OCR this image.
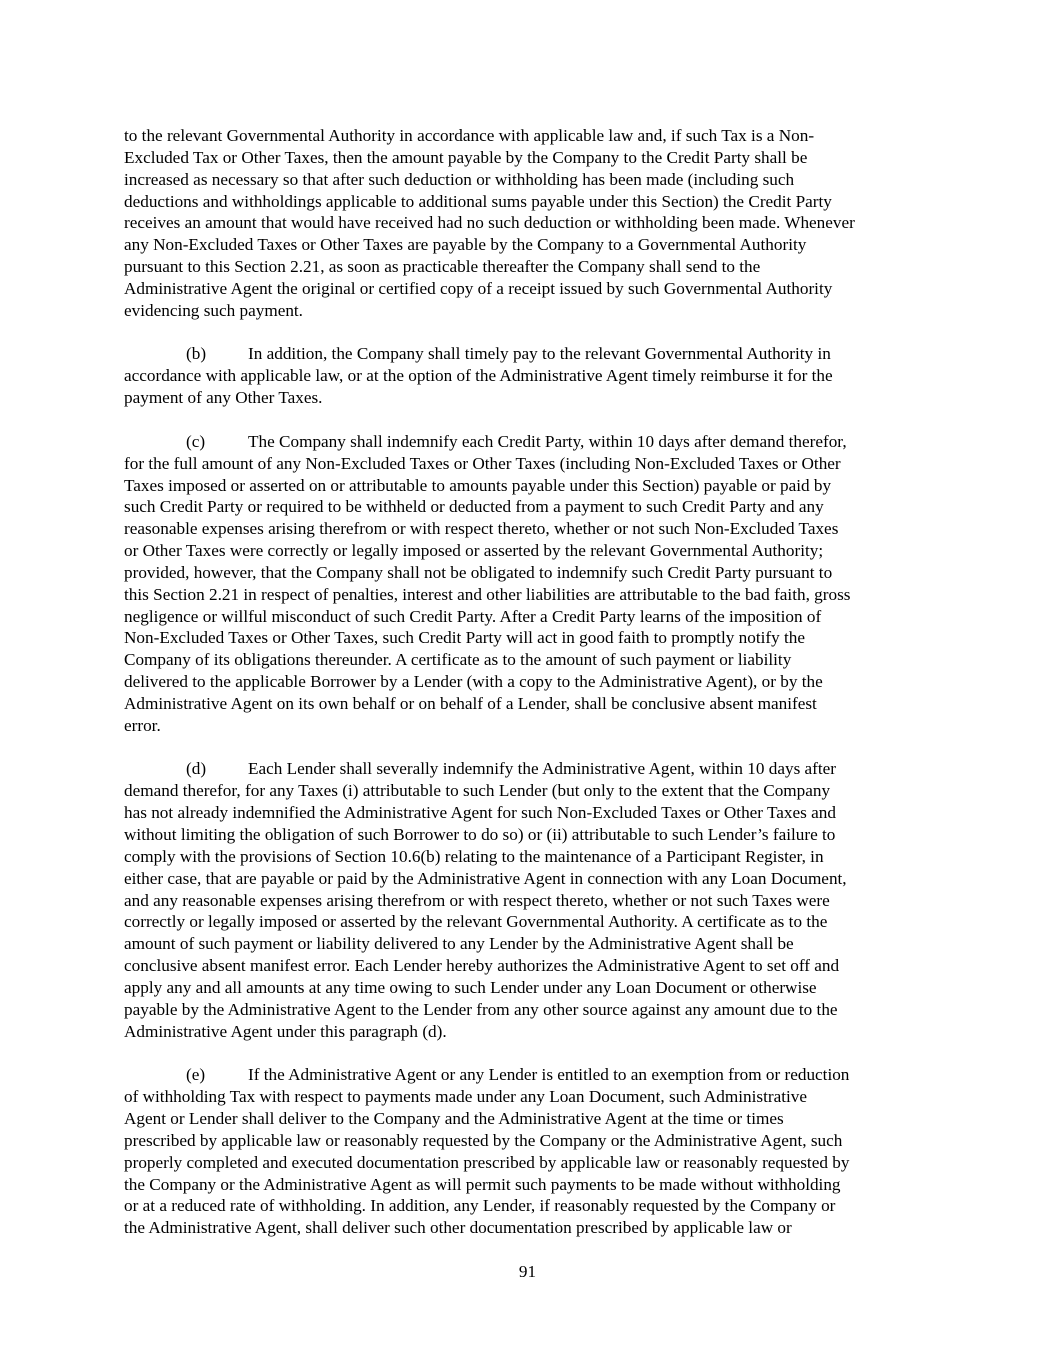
to the relevant Governmental Authority in accordance with applicable law and, if such Tax is a Non-
Excluded Tax or Other Taxes, then the amount payable by the Company to the Credit Party shall be
increased as necessary so that after such deduction or withholding has been made (including such
deductions and withholdings applicable to additional sums payable under this Section) the Credit Party
receives an amount that would have received had no such deduction or withholding been made. Whenever
any Non-Excluded Taxes or Other Taxes are payable by the Company to a Governmental Authority
pursuant to this Section 2.21, as soon as practicable thereafter the Company shall send to the
Administrative Agent the original or certified copy of a receipt issued by such Governmental Authority
evidencing such payment.
(b) In addition, the Company shall timely pay to the relevant Governmental Authority in
accordance with applicable law, or at the option of the Administrative Agent timely reimburse it for the
payment of any Other Taxes.
(c) The Company shall indemnify each Credit Party, within 10 days after demand therefor,
for the full amount of any Non-Excluded Taxes or Other Taxes (including Non-Excluded Taxes or Other
Taxes imposed or asserted on or attributable to amounts payable under this Section) payable or paid by
such Credit Party or required to be withheld or deducted from a payment to such Credit Party and any
reasonable expenses arising therefrom or with respect thereto, whether or not such Non-Excluded Taxes
or Other Taxes were correctly or legally imposed or asserted by the relevant Governmental Authority;
provided, however, that the Company shall not be obligated to indemnify such Credit Party pursuant to
this Section 2.21 in respect of penalties, interest and other liabilities are attributable to the bad faith, gross
negligence or willful misconduct of such Credit Party. After a Credit Party learns of the imposition of
Non-Excluded Taxes or Other Taxes, such Credit Party will act in good faith to promptly notify the
Company of its obligations thereunder. A certificate as to the amount of such payment or liability
delivered to the applicable Borrower by a Lender (with a copy to the Administrative Agent), or by the
Administrative Agent on its own behalf or on behalf of a Lender, shall be conclusive absent manifest
error.
(d) Each Lender shall severally indemnify the Administrative Agent, within 10 days after
demand therefor, for any Taxes (i) attributable to such Lender (but only to the extent that the Company
has not already indemnified the Administrative Agent for such Non-Excluded Taxes or Other Taxes and
without limiting the obligation of such Borrower to do so) or (ii) attributable to such Lender’s failure to
comply with the provisions of Section 10.6(b) relating to the maintenance of a Participant Register, in
either case, that are payable or paid by the Administrative Agent in connection with any Loan Document,
and any reasonable expenses arising therefrom or with respect thereto, whether or not such Taxes were
correctly or legally imposed or asserted by the relevant Governmental Authority. A certificate as to the
amount of such payment or liability delivered to any Lender by the Administrative Agent shall be
conclusive absent manifest error. Each Lender hereby authorizes the Administrative Agent to set off and
apply any and all amounts at any time owing to such Lender under any Loan Document or otherwise
payable by the Administrative Agent to the Lender from any other source against any amount due to the
Administrative Agent under this paragraph (d).
(e) If the Administrative Agent or any Lender is entitled to an exemption from or reduction
of withholding Tax with respect to payments made under any Loan Document, such Administrative
Agent or Lender shall deliver to the Company and the Administrative Agent at the time or times
prescribed by applicable law or reasonably requested by the Company or the Administrative Agent, such
properly completed and executed documentation prescribed by applicable law or reasonably requested by
the Company or the Administrative Agent as will permit such payments to be made without withholding
or at a reduced rate of withholding. In addition, any Lender, if reasonably requested by the Company or
the Administrative Agent, shall deliver such other documentation prescribed by applicable law or
91
